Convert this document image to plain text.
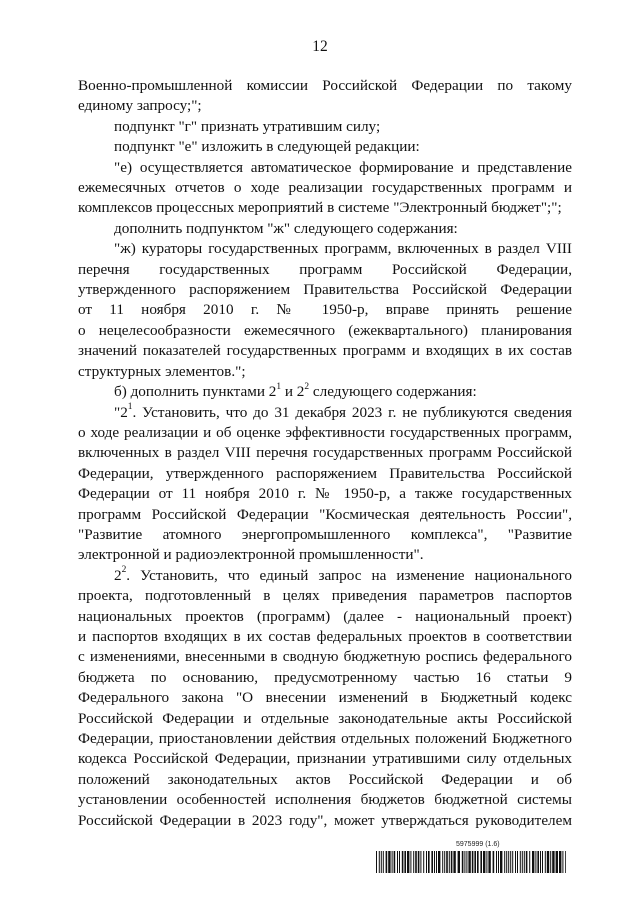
12

Военно-промышленной комиссии Российской Федерации по такому

единому запросу;";

подпункт "г" признать утратившим силу;

подпункт "е" изложить в следующей редакции:

"е) осуществляется автоматическое формирование и представление

ежемесячных отчетов о ходе реализации государственных программ и

комплексов процессных мероприятий в системе "Электронный бюджет";";

дополнить подпунктом "ж" следующего содержания:

"ж) кураторы государственных программ, включенных в раздел VIII

перечня государственных программ Российской Федерации,

утвержденного распоряжением Правительства Российской Федерации

от 11 ноября 2010 г. № 1950-р, вправе принять решение

о нецелесообразности ежемесячного (ежеквартального) планирования

значений показателей государственных программ и входящих в их состав

структурных элементов.";

б) дополнить пунктами $2^1$ и $2^2$ следующего содержания:

"$2^1$. Установить, что до 31 декабря 2023 г. не публикуются сведения

о ходе реализации и об оценке эффективности государственных программ,

включенных в раздел VIII перечня государственных программ Российской

Федерации, утвержденного распоряжением Правительства Российской

Федерации от 11 ноября 2010 г. № 1950-р, а также государственных

программ Российской Федерации "Космическая деятельность России",

"Развитие атомного энергопромышленного комплекса", "Развитие

электронной и радиоэлектронной промышленности".

$2^2$. Установить, что единый запрос на изменение национального

проекта, подготовленный в целях приведения параметров паспортов

национальных проектов (программ) (далее - национальный проект)

и паспортов входящих в их состав федеральных проектов в соответствии

с изменениями, внесенными в сводную бюджетную роспись федерального

бюджета по основанию, предусмотренному частью 16 статьи 9

Федерального закона "О внесении изменений в Бюджетный кодекс

Российской Федерации и отдельные законодательные акты Российской

Федерации, приостановлении действия отдельных положений Бюджетного

кодекса Российской Федерации, признании утратившими силу отдельных

положений законодательных актов Российской Федерации и об

установлении особенностей исполнения бюджетов бюджетной системы

Российской Федерации в 2023 году", может утверждаться руководителем

5975999 (1.6)
